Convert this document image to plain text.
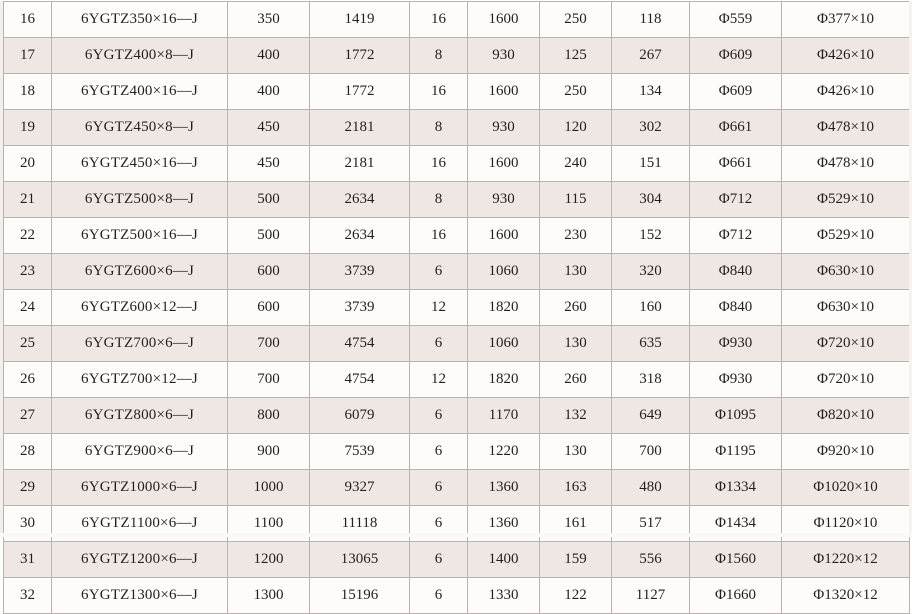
16	6YGTZ350×16—J	350	1419	16	1600	250	118	Φ559	Φ377×10
17	6YGTZ400×8—J	400	1772	8	930	125	267	Φ609	Φ426×10
18	6YGTZ400×16—J	400	1772	16	1600	250	134	Φ609	Φ426×10
19	6YGTZ450×8—J	450	2181	8	930	120	302	Φ661	Φ478×10
20	6YGTZ450×16—J	450	2181	16	1600	240	151	Φ661	Φ478×10
21	6YGTZ500×8—J	500	2634	8	930	115	304	Φ712	Φ529×10
22	6YGTZ500×16—J	500	2634	16	1600	230	152	Φ712	Φ529×10
23	6YGTZ600×6—J	600	3739	6	1060	130	320	Φ840	Φ630×10
24	6YGTZ600×12—J	600	3739	12	1820	260	160	Φ840	Φ630×10
25	6YGTZ700×6—J	700	4754	6	1060	130	635	Φ930	Φ720×10
26	6YGTZ700×12—J	700	4754	12	1820	260	318	Φ930	Φ720×10
27	6YGTZ800×6—J	800	6079	6	1170	132	649	Φ1095	Φ820×10
28	6YGTZ900×6—J	900	7539	6	1220	130	700	Φ1195	Φ920×10
29	6YGTZ1000×6—J	1000	9327	6	1360	163	480	Φ1334	Φ1020×10
30	6YGTZ1100×6—J	1100	11118	6	1360	161	517	Φ1434	Φ1120×10
31	6YGTZ1200×6—J	1200	13065	6	1400	159	556	Φ1560	Φ1220×12
32	6YGTZ1300×6—J	1300	15196	6	1330	122	1127	Φ1660	Φ1320×12
